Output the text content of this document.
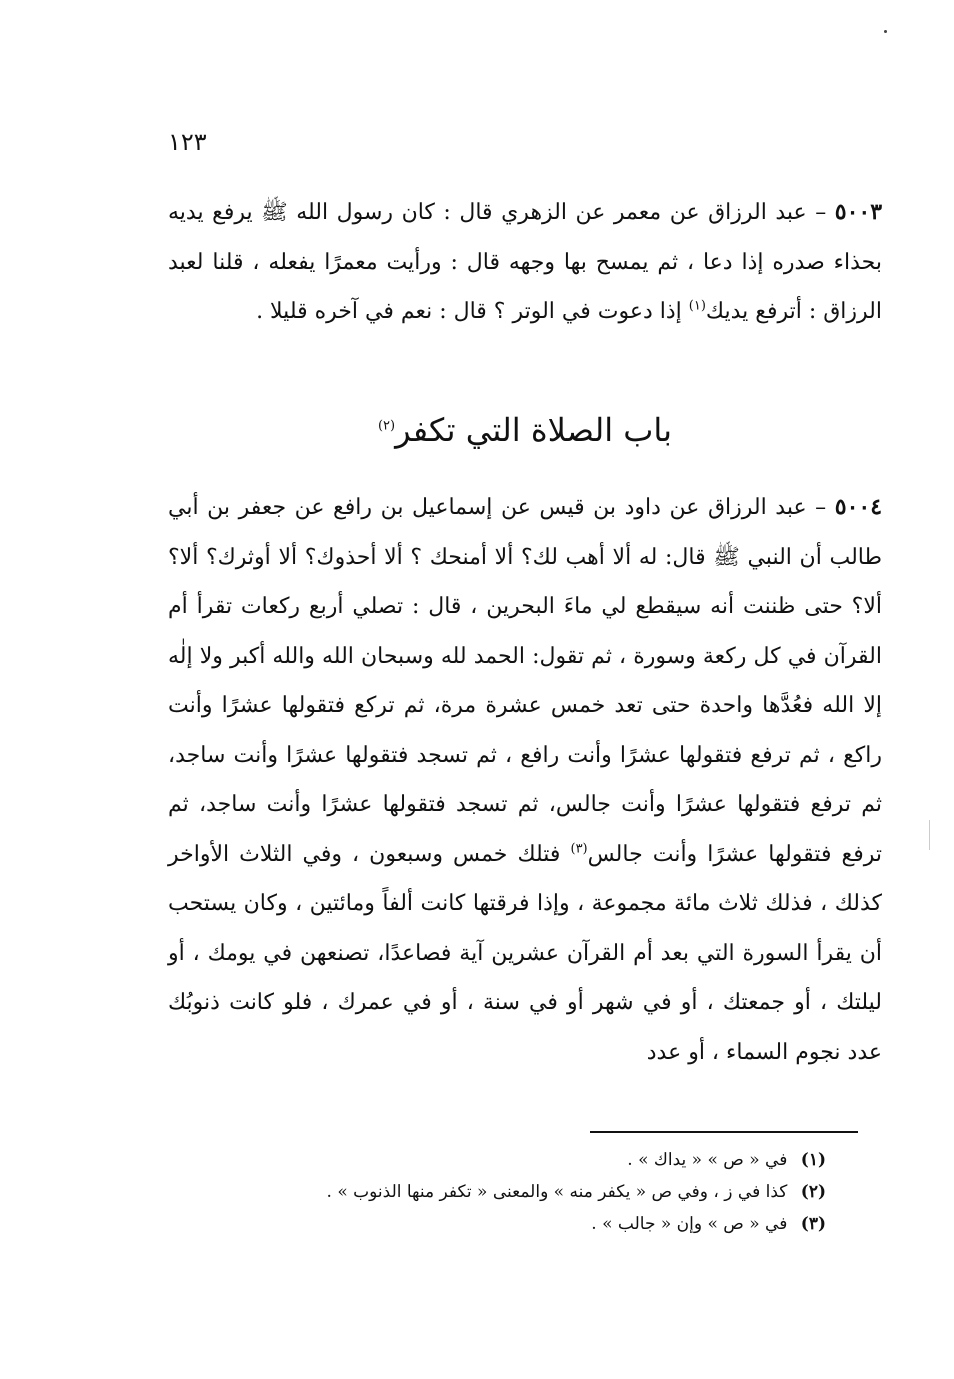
١٢٣

٥٠٠٣ – عبد الرزاق عن معمر عن الزهري قال : كان رسول الله ﷺ يرفع يديه بحذاء صدره إذا دعا ، ثم يمسح بها وجهه قال : ورأيت معمرًا يفعله ، قلنا لعبد الرزاق : أترفع يديك$^{(١)}$ إذا دعوت في الوتر ؟ قال : نعم في آخره قليلا .

باب الصلاة التي تكفر$^{(٢)}$

٥٠٠٤ – عبد الرزاق عن داود بن قيس عن إسماعيل بن رافع عن جعفر بن أبي طالب أن النبي ﷺ قال: له ألا أهب لك؟ ألا أمنحك ؟ ألا أحذوك؟ ألا أوثرك؟ ألا؟ ألا؟ حتى ظننت أنه سيقطع لي ماءَ البحرين ، قال : تصلي أربع ركعات تقرأ أم القرآن في كل ركعة وسورة ، ثم تقول: الحمد لله وسبحان الله والله أكبر ولا إلٰه إلا الله فعُدَّها واحدة حتى تعد خمس عشرة مرة، ثم تركع فتقولها عشرًا وأنت راكع ، ثم ترفع فتقولها عشرًا وأنت رافع ، ثم تسجد فتقولها عشرًا وأنت ساجد، ثم ترفع فتقولها عشرًا وأنت جالس، ثم تسجد فتقولها عشرًا وأنت ساجد، ثم ترفع فتقولها عشرًا وأنت جالس$^{(٣)}$ فتلك خمس وسبعون ، وفي الثلاث الأواخر كذلك ، فذلك ثلاث مائة مجموعة ، وإذا فرقتها كانت ألفاً ومائتين ، وكان يستحب أن يقرأ السورة التي بعد أم القرآن عشرين آية فصاعدًا، تصنعهن في يومك ، أو ليلتك ، أو جمعتك ، أو في شهر أو في سنة ، أو في عمرك ، فلو كانت ذنوبُك عدد نجوم السماء ، أو عدد

(١) في « ص » « يداك » .

(٢) كذا في ز ، وفي ص « يكفر منه » والمعنى « تكفر منها الذنوب » .

(٣) في « ص » وإن « جالب » .
